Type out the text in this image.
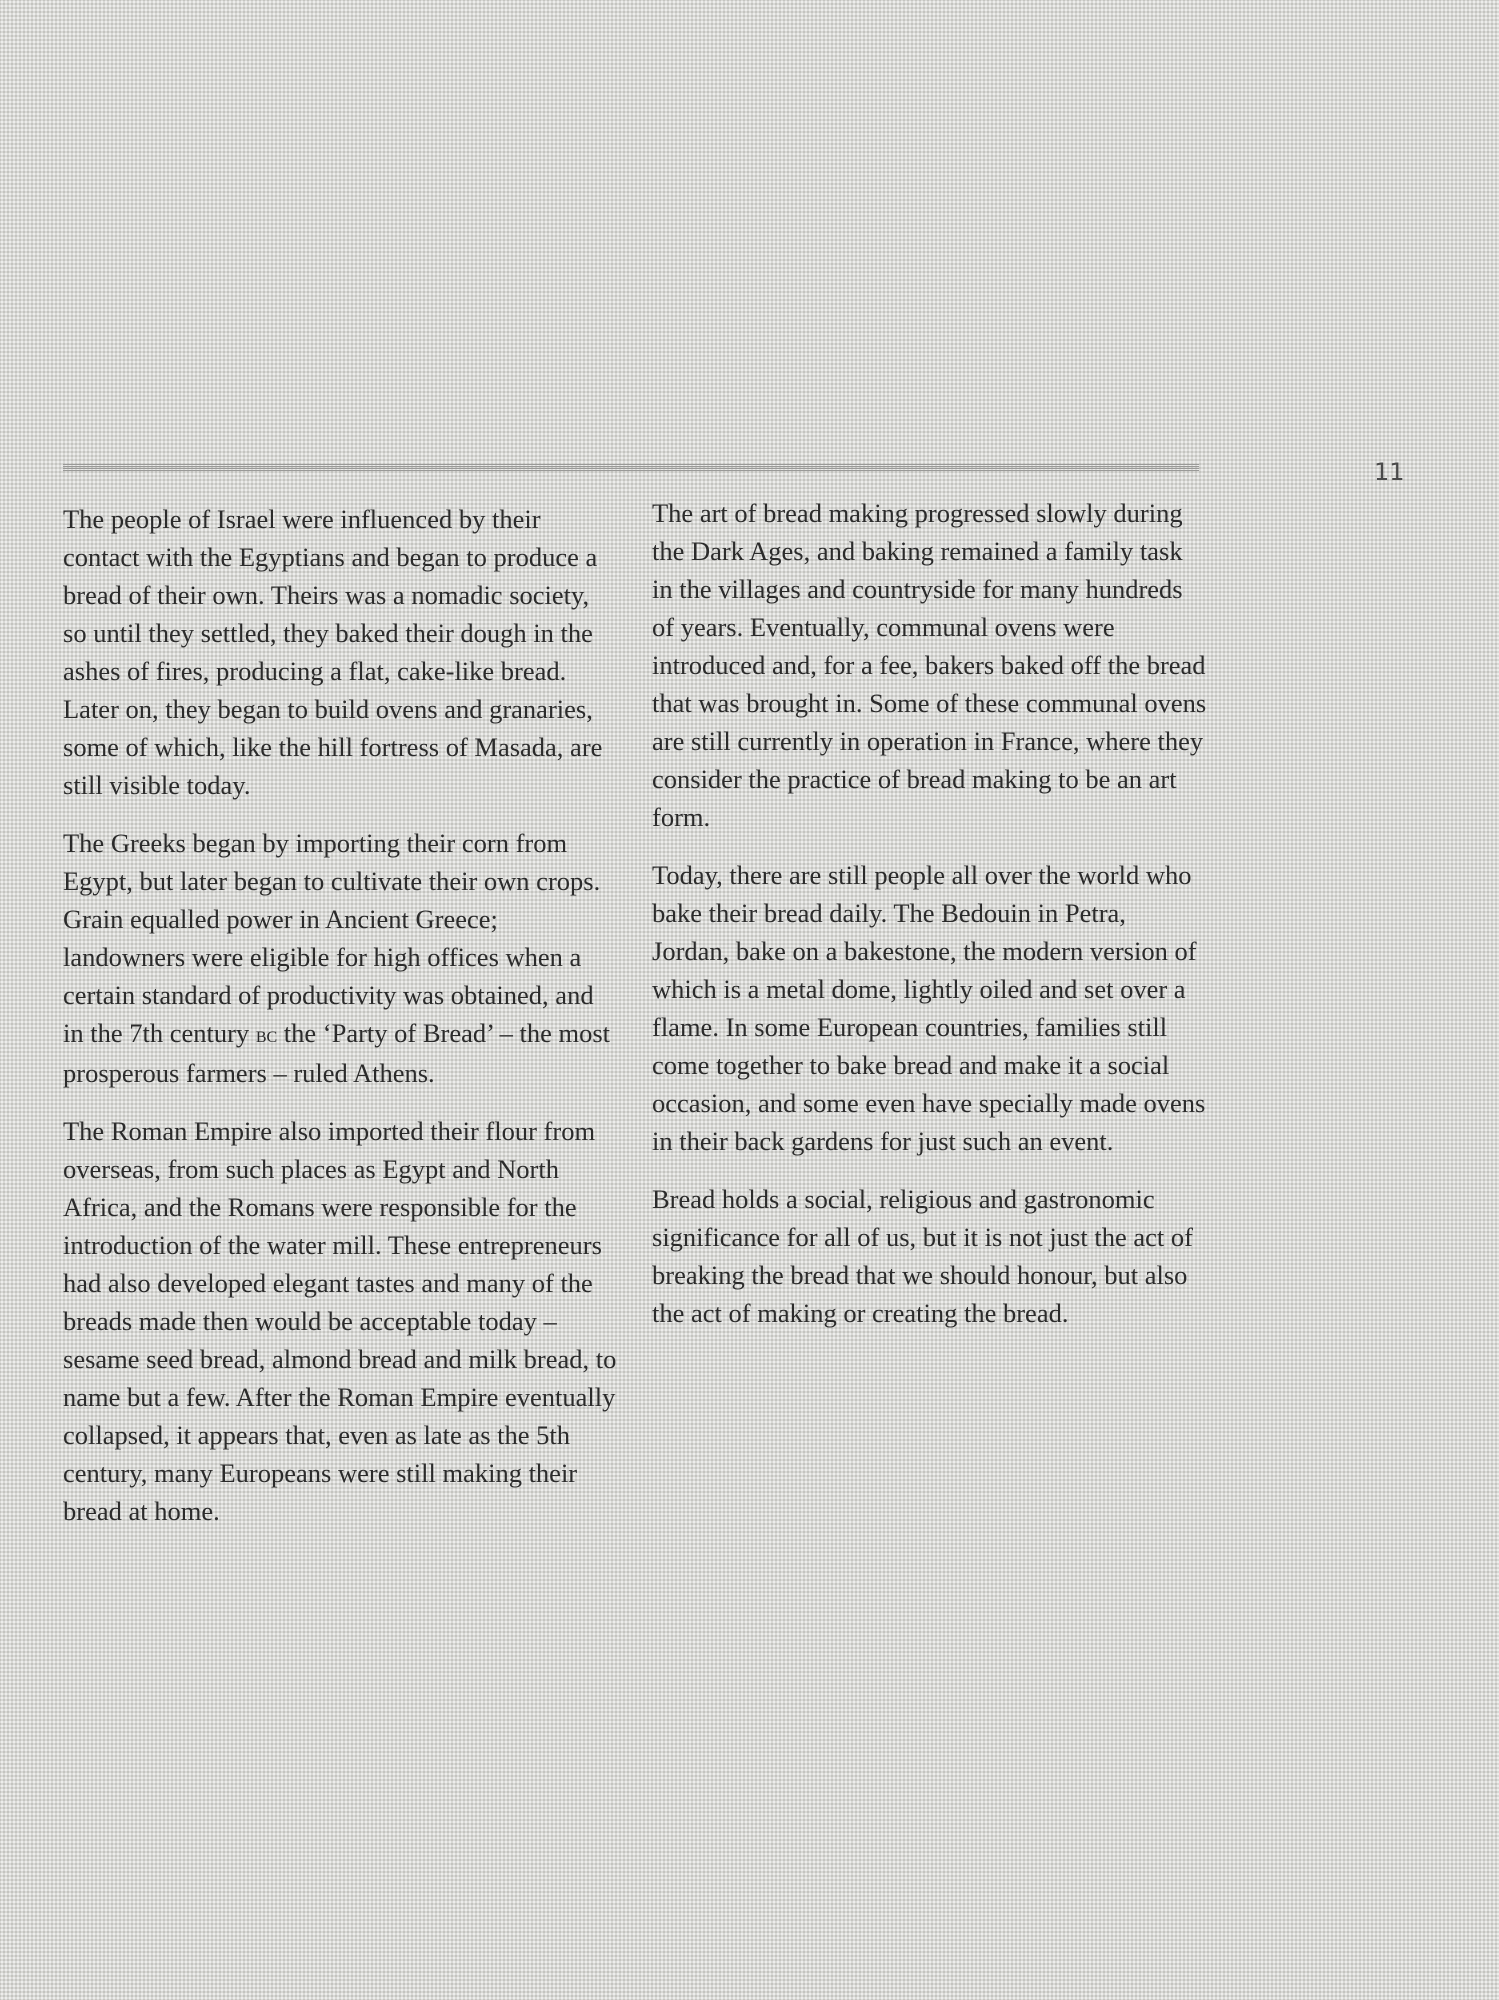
11

The people of Israel were influenced by their contact with the Egyptians and began to produce a bread of their own. Theirs was a nomadic society, so until they settled, they baked their dough in the ashes of fires, producing a flat, cake-like bread. Later on, they began to build ovens and granaries, some of which, like the hill fortress of Masada, are still visible today.

The Greeks began by importing their corn from Egypt, but later began to cultivate their own crops. Grain equalled power in Ancient Greece; landowners were eligible for high offices when a certain standard of productivity was obtained, and in the 7th century bc the ‘Party of Bread’ – the most prosperous farmers – ruled Athens.

The Roman Empire also imported their flour from overseas, from such places as Egypt and North Africa, and the Romans were responsible for the introduction of the water mill. These entrepreneurs had also developed elegant tastes and many of the breads made then would be acceptable today – sesame seed bread, almond bread and milk bread, to name but a few. After the Roman Empire eventually collapsed, it appears that, even as late as the 5th century, many Europeans were still making their bread at home.

The art of bread making progressed slowly during the Dark Ages, and baking remained a family task in the villages and countryside for many hundreds of years. Eventually, communal ovens were introduced and, for a fee, bakers baked off the bread that was brought in. Some of these communal ovens are still currently in operation in France, where they consider the practice of bread making to be an art form.

Today, there are still people all over the world who bake their bread daily. The Bedouin in Petra, Jordan, bake on a bakestone, the modern version of which is a metal dome, lightly oiled and set over a flame. In some European countries, families still come together to bake bread and make it a social occasion, and some even have specially made ovens in their back gardens for just such an event.

Bread holds a social, religious and gastronomic significance for all of us, but it is not just the act of breaking the bread that we should honour, but also the act of making or creating the bread.
